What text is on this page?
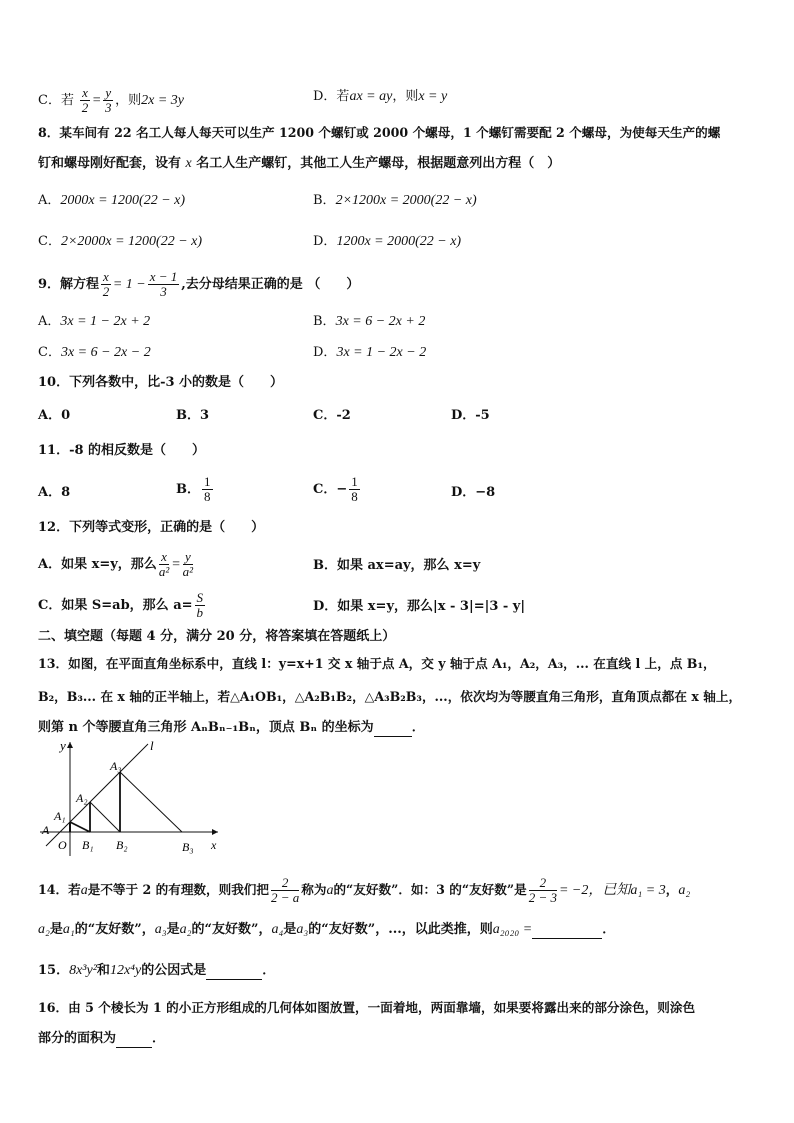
C．若 $\frac{x}{2} = \frac{y}{3}$ ，则2x = 3y	D．若ax = ay，则x = y
8．某车间有 22 名工人每人每天可以生产 1200 个螺钉或 2000 个螺母，1 个螺钉需要配 2 个螺母，为使每天生产的螺
钉和螺母刚好配套，设有 x 名工人生产螺钉，其他工人生产螺母，根据题意列出方程（　）
A．2000x = 1200(22 − x)	B．2×1200x = 2000(22 − x)
C．2×2000x = 1200(22 − x)	D．1200x = 2000(22 − x)
9．解方程 $\frac{x}{2} = 1 - \frac{x - 1}{3}$ ,去分母结果正确的是 （　　）
A．3x = 1 − 2x + 2	B．3x = 6 − 2x + 2
C．3x = 6 − 2x − 2	D．3x = 1 − 2x − 2
10．下列各数中，比-3 小的数是（　　）
A．0	B．3	C．-2	D．-5
11．-8 的相反数是（　　）
A．8	B． $\frac{1}{8}$	C．− $\frac{1}{8}$	D．−8
12．下列等式变形，正确的是（　　）
A．如果 x=y，那么 $\frac{x}{\text{a²}} = \frac{y}{\text{a²}}$	B．如果 ax=ay，那么 x=y
C．如果 S=ab，那么 $a= \frac{S}{b}$	D．如果 x=y，那么|x - 3|=|3 - y|
二、填空题（每题 4 分，满分 20 分，将答案填在答题纸上）
13．如图，在平面直角坐标系中，直线 l：y=x+1 交 x 轴于点 A，交 y 轴于点 A₁，A₂，A₃，... 在直线 l 上，点 B₁，
B₂，B₃... 在 x 轴的正半轴上，若△A₁OB₁，△A₂B₁B₂，△A₃B₂B₃，...，依次均为等腰直角三角形，直角顶点都在 x 轴上，
则第 n 个等腰直角三角形 AₙBₙ₋₁Bₙ，顶点 Bₙ 的坐标为	．
y	l
A₃
A₂
A₁
A
O B₁ B₂	B₃ x
14．若a是不等于 2 的有理数，则我们把 $\frac{2}{2 - a}$ 称为a的“友好数”．如：3 的“友好数”是 $\frac{2}{2 - 3} = -2$，已知a₁ = 3，a₂
a₂是a₁的“友好数”，a₃是a₂的“友好数”，a₄是a₃的“友好数”，...，以此类推，则a₂₀₂₀ =	．
15．8x³y²和12x⁴y的公因式是	．
16．由 5 个棱长为 1 的小正方形组成的几何体如图放置，一面着地，两面靠墙，如果要将露出来的部分涂色，则涂色
部分的面积为	．
